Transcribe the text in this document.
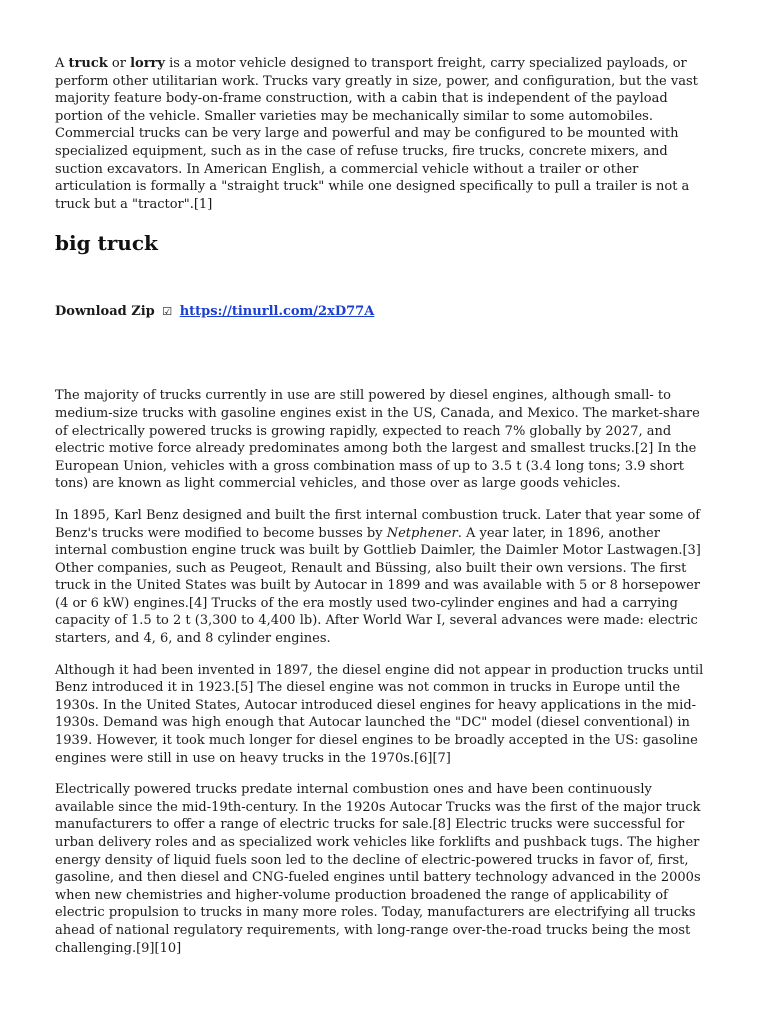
A truck or lorry is a motor vehicle designed to transport freight, carry specialized payloads, or perform other utilitarian work. Trucks vary greatly in size, power, and configuration, but the vast majority feature body-on-frame construction, with a cabin that is independent of the payload portion of the vehicle. Smaller varieties may be mechanically similar to some automobiles. Commercial trucks can be very large and powerful and may be configured to be mounted with specialized equipment, such as in the case of refuse trucks, fire trucks, concrete mixers, and suction excavators. In American English, a commercial vehicle without a trailer or other articulation is formally a "straight truck" while one designed specifically to pull a trailer is not a truck but a "tractor".[1]

big truck
Download Zip ☑ https://tinurll.com/2xD77A

The majority of trucks currently in use are still powered by diesel engines, although small- to medium-size trucks with gasoline engines exist in the US, Canada, and Mexico. The market-share of electrically powered trucks is growing rapidly, expected to reach 7% globally by 2027, and electric motive force already predominates among both the largest and smallest trucks.[2] In the European Union, vehicles with a gross combination mass of up to 3.5 t (3.4 long tons; 3.9 short tons) are known as light commercial vehicles, and those over as large goods vehicles.

In 1895, Karl Benz designed and built the first internal combustion truck. Later that year some of Benz's trucks were modified to become busses by Netphener. A year later, in 1896, another internal combustion engine truck was built by Gottlieb Daimler, the Daimler Motor Lastwagen.[3] Other companies, such as Peugeot, Renault and Büssing, also built their own versions. The first truck in the United States was built by Autocar in 1899 and was available with 5 or 8 horsepower (4 or 6 kW) engines.[4] Trucks of the era mostly used two-cylinder engines and had a carrying capacity of 1.5 to 2 t (3,300 to 4,400 lb). After World War I, several advances were made: electric starters, and 4, 6, and 8 cylinder engines.

Although it had been invented in 1897, the diesel engine did not appear in production trucks until Benz introduced it in 1923.[5] The diesel engine was not common in trucks in Europe until the 1930s. In the United States, Autocar introduced diesel engines for heavy applications in the mid-1930s. Demand was high enough that Autocar launched the "DC" model (diesel conventional) in 1939. However, it took much longer for diesel engines to be broadly accepted in the US: gasoline engines were still in use on heavy trucks in the 1970s.[6][7]

Electrically powered trucks predate internal combustion ones and have been continuously available since the mid-19th-century. In the 1920s Autocar Trucks was the first of the major truck manufacturers to offer a range of electric trucks for sale.[8] Electric trucks were successful for urban delivery roles and as specialized work vehicles like forklifts and pushback tugs. The higher energy density of liquid fuels soon led to the decline of electric-powered trucks in favor of, first, gasoline, and then diesel and CNG-fueled engines until battery technology advanced in the 2000s when new chemistries and higher-volume production broadened the range of applicability of electric propulsion to trucks in many more roles. Today, manufacturers are electrifying all trucks ahead of national regulatory requirements, with long-range over-the-road trucks being the most challenging.[9][10]
